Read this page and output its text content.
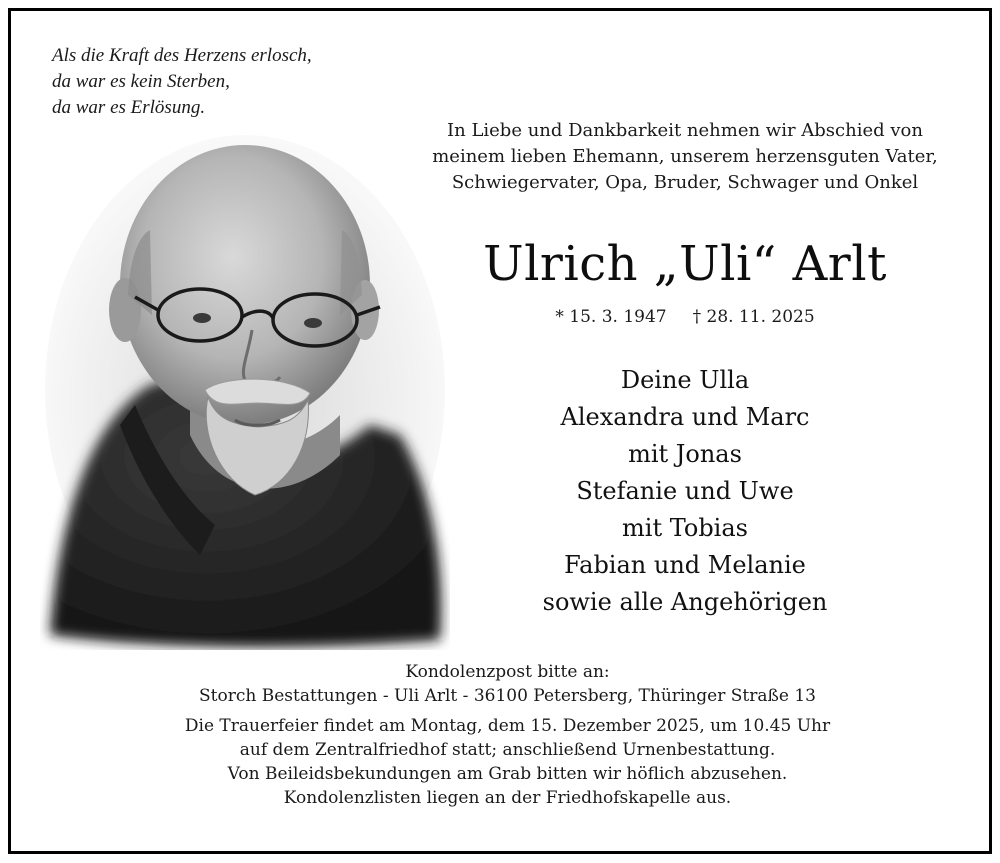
Als die Kraft des Herzens erlosch,
da war es kein Sterben,
da war es Erlösung.
In Liebe und Dankbarkeit nehmen wir Abschied von
meinem lieben Ehemann, unserem herzensguten Vater,
Schwiegervater, Opa, Bruder, Schwager und Onkel
Ulrich „Uli“ Arlt
* 15. 3. 1947 † 28. 11. 2025
Deine Ulla
Alexandra und Marc
mit Jonas
Stefanie und Uwe
mit Tobias
Fabian und Melanie
sowie alle Angehörigen
Kondolenzpost bitte an:
Storch Bestattungen - Uli Arlt - 36100 Petersberg, Thüringer Straße 13
Die Trauerfeier findet am Montag, dem 15. Dezember 2025, um 10.45 Uhr
auf dem Zentralfriedhof statt; anschließend Urnenbestattung.
Von Beileidsbekundungen am Grab bitten wir höflich abzusehen.
Kondolenzlisten liegen an der Friedhofskapelle aus.
